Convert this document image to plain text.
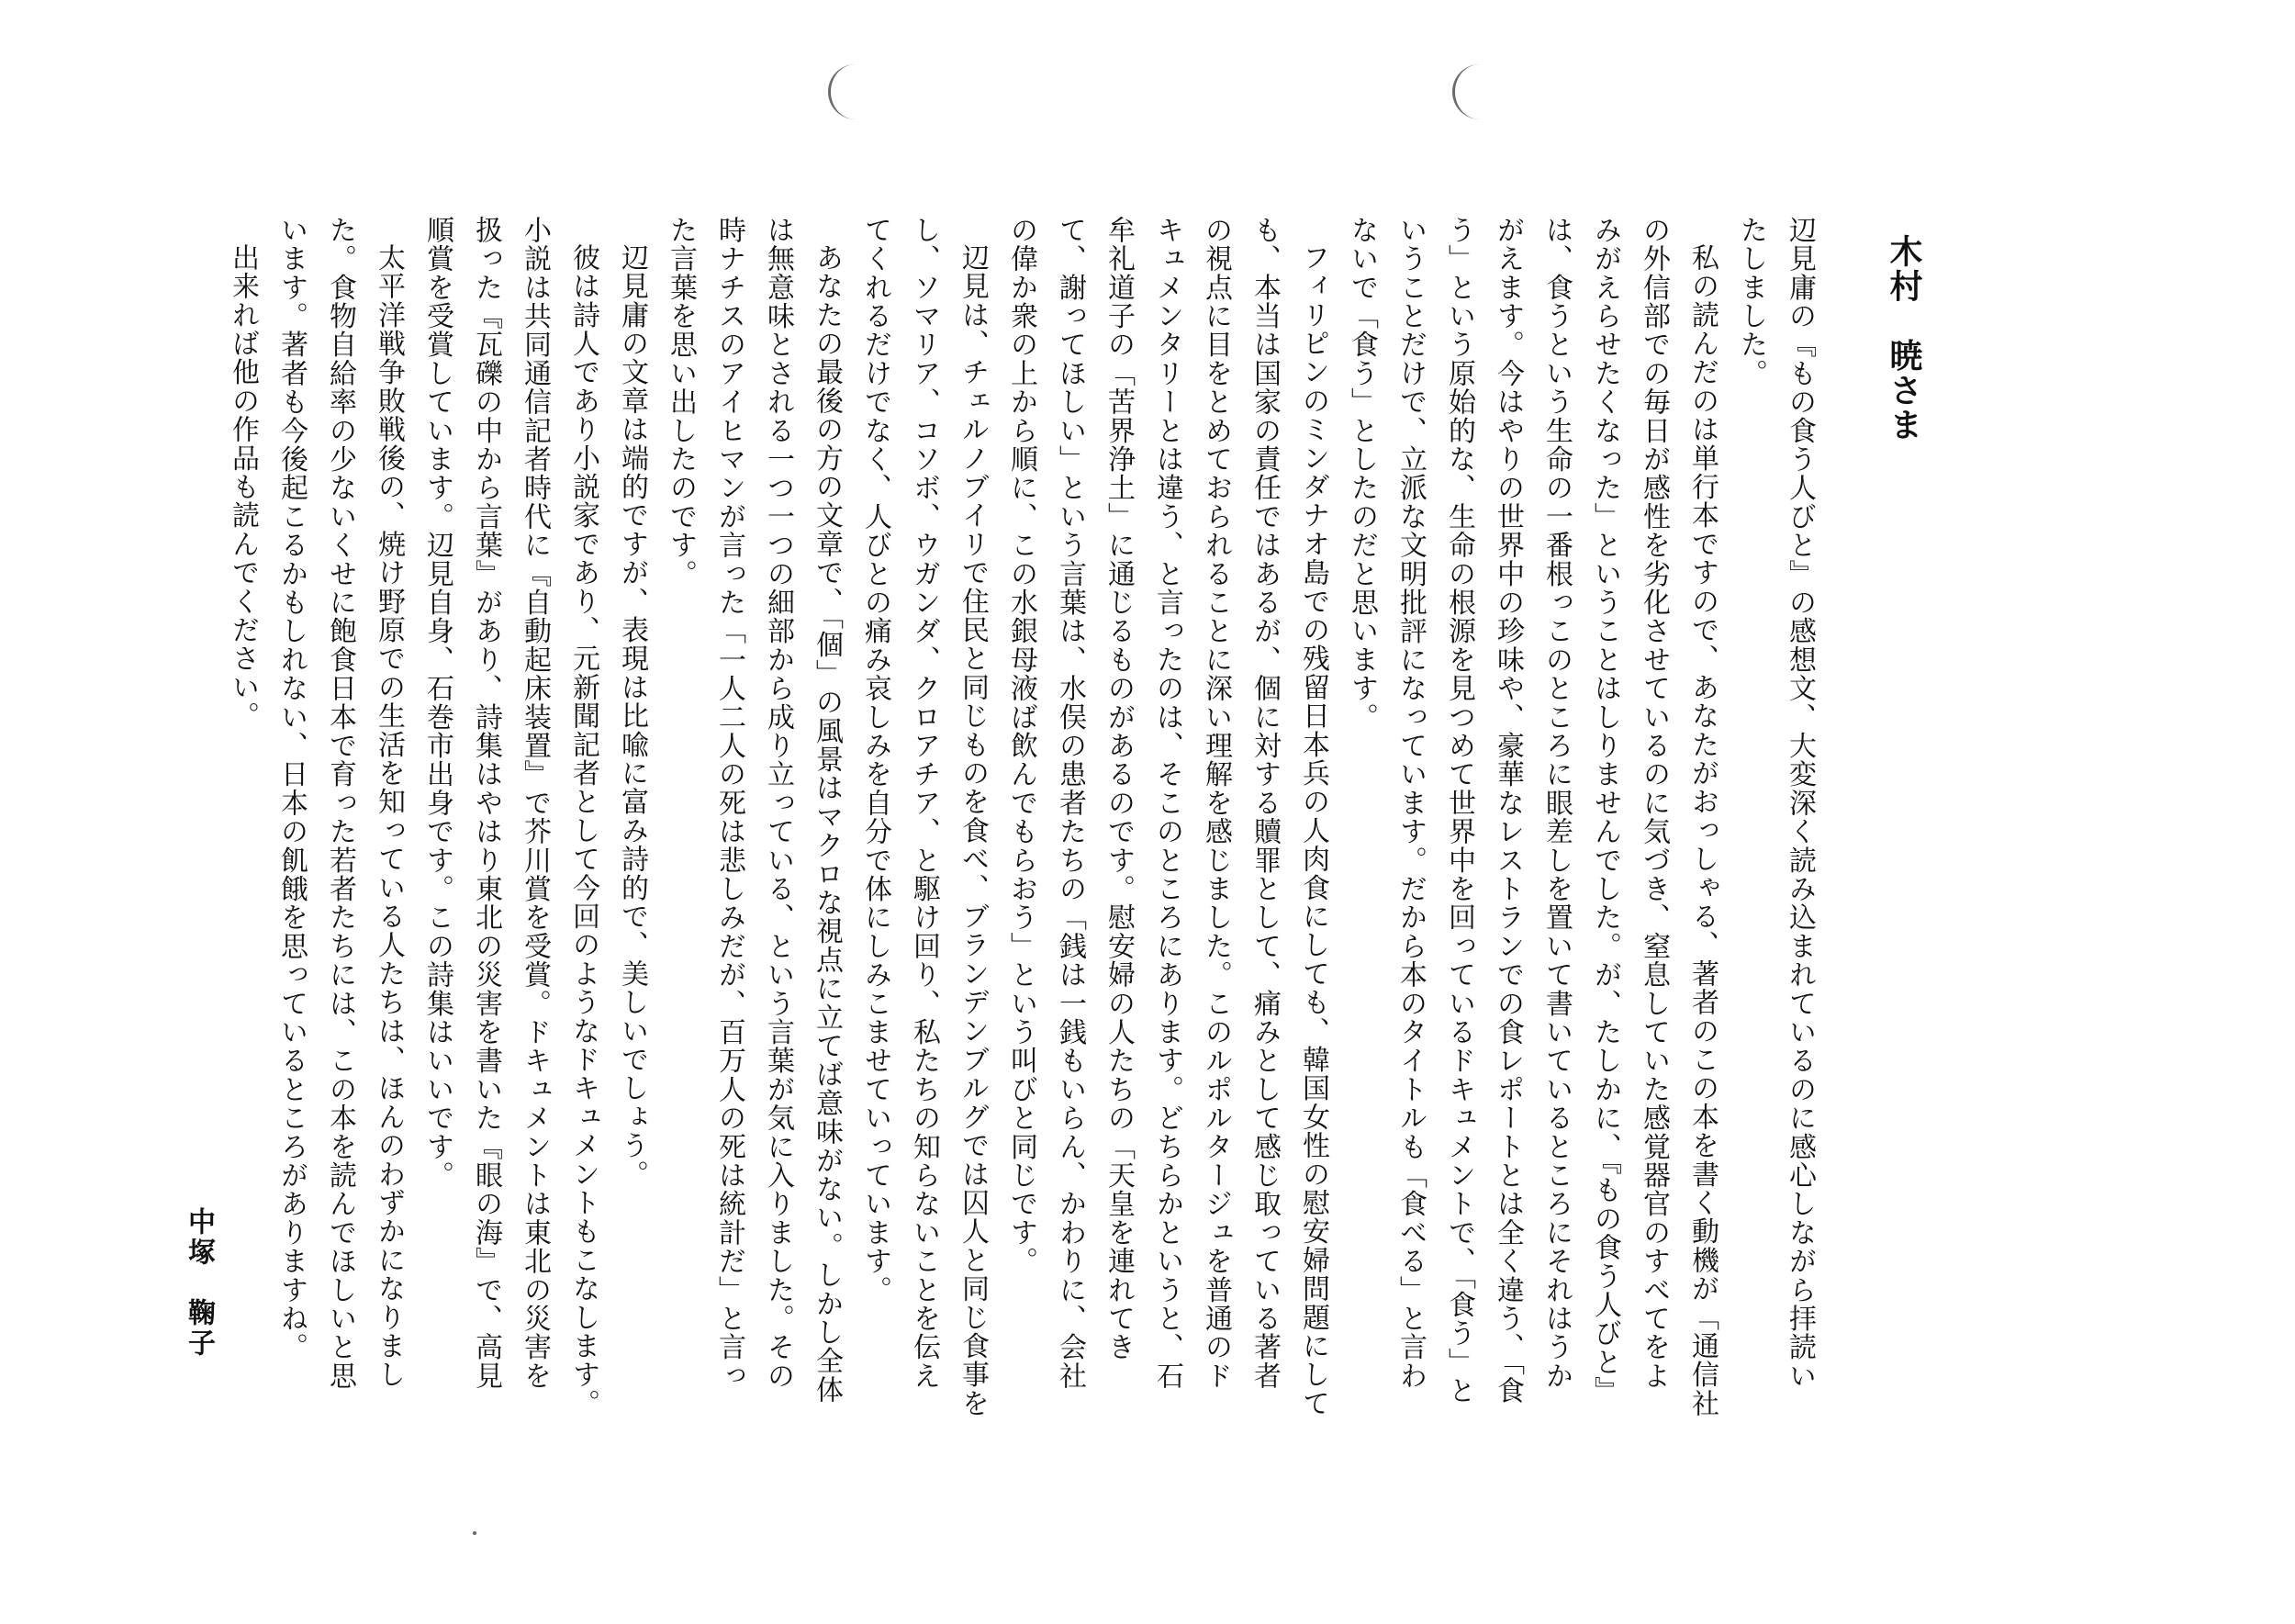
木村　暁さま

辺見庸の『もの食う人びと』の感想文、大変深く読み込まれているのに感心しながら拝読いたしました。

私の読んだのは単行本ですので、あなたがおっしゃる、著者のこの本を書く動機が「通信社の外信部での毎日が感性を劣化させているのに気づき、窒息していた感覚器官のすべてをよみがえらせたくなった」ということはしりませんでした。が、たしかに、『もの食う人びと』は、食うという生命の一番根っこのところに眼差しを置いて書いているところにそれはうかがえます。今はやりの世界中の珍味や、豪華なレストランでの食レポートとは全く違う、「食う」という原始的な、生命の根源を見つめて世界中を回っているドキュメントで、「食う」ということだけで、立派な文明批評になっています。だから本のタイトルも「食べる」と言わないで「食う」としたのだと思います。

フィリピンのミンダナオ島での残留日本兵の人肉食にしても、韓国女性の慰安婦問題にしても、本当は国家の責任ではあるが、個に対する贖罪として、痛みとして感じ取っている著者の視点に目をとめておられることに深い理解を感じました。このルポルタージュを普通のドキュメンタリーとは違う、と言ったのは、そこのところにあります。どちらかというと、石牟礼道子の「苦界浄土」に通じるものがあるのです。慰安婦の人たちの「天皇を連れてきて、謝ってほしい」という言葉は、水俣の患者たちの「銭は一銭もいらん、かわりに、会社の偉か衆の上から順に、この水銀母液ば飲んでもらおう」という叫びと同じです。

辺見は、チェルノブイリで住民と同じものを食べ、ブランデンブルグでは囚人と同じ食事をし、ソマリア、コソボ、ウガンダ、クロアチア、と駆け回り、私たちの知らないことを伝えてくれるだけでなく、人びとの痛み哀しみを自分で体にしみこませていっています。

あなたの最後の方の文章で、「個」の風景はマクロな視点に立てば意味がない。しかし全体は無意味とされる一つ一つの細部から成り立っている、という言葉が気に入りました。その時ナチスのアイヒマンが言った「一人二人の死は悲しみだが、百万人の死は統計だ」と言った言葉を思い出したのです。

辺見庸の文章は端的ですが、表現は比喩に富み詩的で、美しいでしょう。

彼は詩人であり小説家であり、元新聞記者として今回のようなドキュメントもこなします。小説は共同通信記者時代に『自動起床装置』で芥川賞を受賞。ドキュメントは東北の災害を扱った『瓦礫の中から言葉』があり、詩集はやはり東北の災害を書いた『眼の海』で、高見順賞を受賞しています。辺見自身、石巻市出身です。この詩集はいいです。

太平洋戦争敗戦後の、焼け野原での生活を知っている人たちは、ほんのわずかになりました。食物自給率の少ないくせに飽食日本で育った若者たちには、この本を読んでほしいと思います。著者も今後起こるかもしれない、日本の飢餓を思っているところがありますね。

出来れば他の作品も読んでください。

中塚　鞠子
